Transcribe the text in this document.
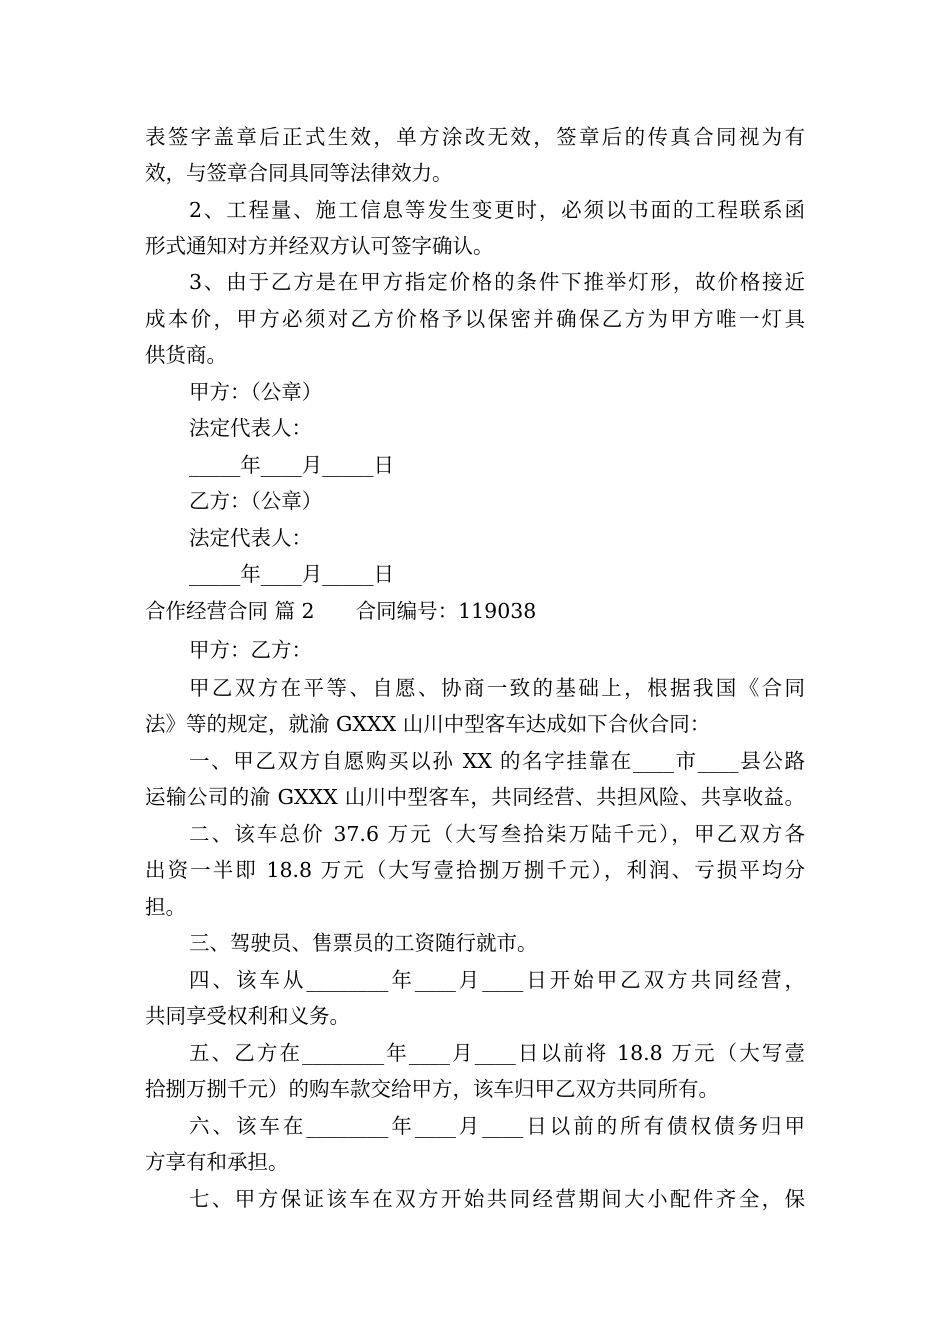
表签字盖章后正式生效，单方涂改无效，签章后的传真合同视为有
效，与签章合同具同等法律效力。
2、工程量、施工信息等发生变更时，必须以书面的工程联系函
形式通知对方并经双方认可签字确认。
3、由于乙方是在甲方指定价格的条件下推举灯形，故价格接近
成本价，甲方必须对乙方价格予以保密并确保乙方为甲方唯一灯具
供货商。
甲方：（公章）
法定代表人：
_____年____月_____日
乙方：（公章）
法定代表人：
_____年____月_____日
合作经营合同 篇 2　　合同编号：119038
甲方：乙方：
甲乙双方在平等、自愿、协商一致的基础上，根据我国《合同
法》等的规定，就渝 GXXX 山川中型客车达成如下合伙合同：
一、甲乙双方自愿购买以孙 XX 的名字挂靠在____市____县公路
运输公司的渝 GXXX 山川中型客车，共同经营、共担风险、共享收益。
二、该车总价 37.6 万元（大写叁拾柒万陆千元），甲乙双方各
出资一半即 18.8 万元（大写壹拾捌万捌千元），利润、亏损平均分
担。
三、驾驶员、售票员的工资随行就市。
四、该车从________年____月____日开始甲乙双方共同经营，
共同享受权利和义务。
五、乙方在________年____月____日以前将 18.8 万元（大写壹
拾捌万捌千元）的购车款交给甲方，该车归甲乙双方共同所有。
六、该车在________年____月____日以前的所有债权债务归甲
方享有和承担。
七、甲方保证该车在双方开始共同经营期间大小配件齐全，保
